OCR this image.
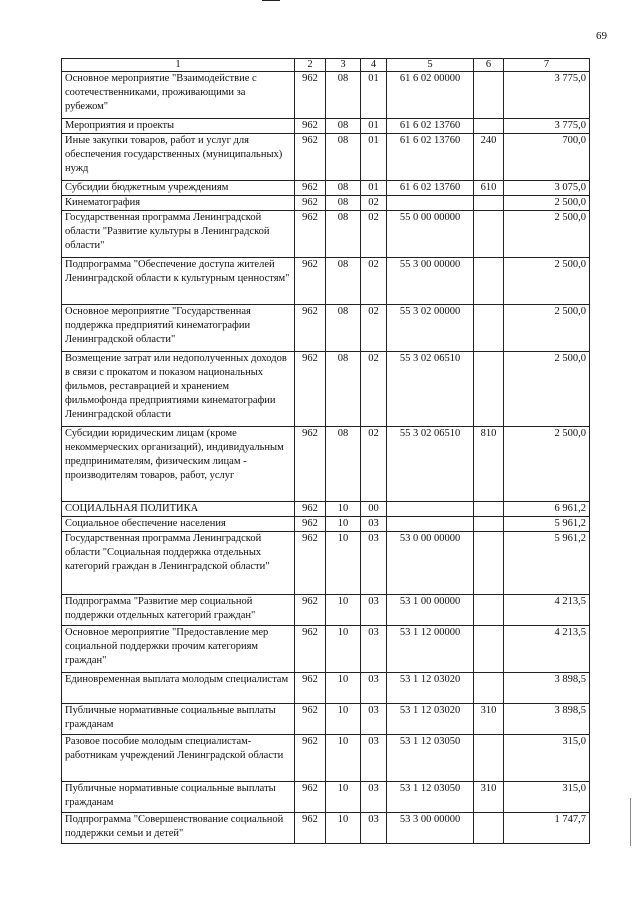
69
1	2	3	4	5	6	7
Основное мероприятие "Взаимодействие с соотечественниками, проживающими за рубежом"	962	08	01	61 6 02 00000		3 775,0
Мероприятия и проекты	962	08	01	61 6 02 13760		3 775,0
Иные закупки товаров, работ и услуг для обеспечения государственных (муниципальных) нужд	962	08	01	61 6 02 13760	240	700,0
Субсидии бюджетным учреждениям	962	08	01	61 6 02 13760	610	3 075,0
Кинематография	962	08	02			2 500,0
Государственная программа Ленинградской области "Развитие культуры в Ленинградской области"	962	08	02	55 0 00 00000		2 500,0
Подпрограмма "Обеспечение доступа жителей Ленинградской области к культурным ценностям"	962	08	02	55 3 00 00000		2 500,0
Основное мероприятие "Государственная поддержка предприятий кинематографии Ленинградской области"	962	08	02	55 3 02 00000		2 500,0
Возмещение затрат или недополученных доходов в связи с прокатом и показом национальных фильмов, реставрацией и хранением фильмофонда предприятиями кинематографии Ленинградской области	962	08	02	55 3 02 06510		2 500,0
Субсидии юридическим лицам (кроме некоммерческих организаций), индивидуальным предпринимателям, физическим лицам - производителям товаров, работ, услуг	962	08	02	55 3 02 06510	810	2 500,0
СОЦИАЛЬНАЯ ПОЛИТИКА	962	10	00			6 961,2
Социальное обеспечение населения	962	10	03			5 961,2
Государственная программа Ленинградской области "Социальная поддержка отдельных категорий граждан в Ленинградской области"	962	10	03	53 0 00 00000		5 961,2
Подпрограмма "Развитие мер социальной поддержки отдельных категорий граждан"	962	10	03	53 1 00 00000		4 213,5
Основное мероприятие "Предоставление мер социальной поддержки прочим категориям граждан"	962	10	03	53 1 12 00000		4 213,5
Единовременная выплата молодым специалистам	962	10	03	53 1 12 03020		3 898,5
Публичные нормативные социальные выплаты гражданам	962	10	03	53 1 12 03020	310	3 898,5
Разовое пособие молодым специалистам-работникам учреждений Ленинградской области	962	10	03	53 1 12 03050		315,0
Публичные нормативные социальные выплаты гражданам	962	10	03	53 1 12 03050	310	315,0
Подпрограмма "Совершенствование социальной поддержки семьи и детей"	962	10	03	53 3 00 00000		1 747,7
